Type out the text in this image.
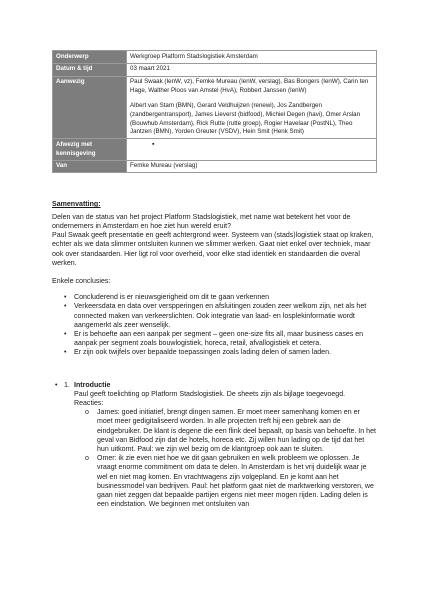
Onderwerp	Werkgroep Platform Stadslogistiek Amsterdam

Datum & tijd	03 maart 2021

Aanwezig	Paul Swaak (IenW, vz), Femke Mureau (IenW, verslag), Bas Bongers (IenW), Carin ten Hage, Walther Ploos van Amstel (HvA), Robbert Janssen (IenW)

Albert van Stam (BMN), Gerard Veldhuijzen (renewi), Jos Zandbergen (zandbergentransport), James Lieverst (bidfood), Michiel Degen (havi), Omer Arslan (Bouwhub Amsterdam), Rick Rutte (rutte groep), Rogier Havelaar (PostNL), Theo Jantzen (BMN), Yorden Greuter (VSDV), Hein Smit (Henk Smit)

Afwezig met kennisgeving	▪

Van	Femke Mureau (verslag)

Samenvatting:

Delen van de status van het project Platform Stadslogistiek, met name wat betekent het voor de ondernemers in Amsterdam en hoe ziet hun wereld eruit?

Paul Swaak geeft presentatie en geeft achtergrond weer. Systeem van (stads)logistiek staat op kraken, echter als we data slimmer ontsluiten kunnen we slimmer werken. Gaat niet enkel over techniek, maar ook over standaarden. Hier ligt rol voor overheid, voor elke stad identiek en standaarden die overal werken.

Enkele conclusies:

• Concluderend is er nieuwsgierigheid om dit te gaan verkennen
• Verkeersdata en data over verspperingen en afsluitingen zouden zeer welkom zijn, net als het connected maken van verkeerslichten. Ook integratie van laad- en losplekinformatie wordt aangemerkt als zeer wenselijk.
• Er is behoefte aan een aanpak per segment – geen one-size fits all, maar business cases en aanpak per segment zoals bouwlogistiek, horeca, retail, afvallogistiek et cetera.
• Er zijn ook twijfels over bepaalde toepassingen zoals lading delen of samen laden.
• 1. Introductie

Paul geeft toelichting op Platform Stadslogistiek. De sheets zijn als bijlage toegevoegd.

Reacties:

o James: goed initiatief, brengt dingen samen. Er moet meer samenhang komen en er moet meer gedigitaliseerd worden. In alle projecten treft hij een gebrek aan de eindgebruiker. De klant is degene die een flink deel bepaalt, op basis van behoefte. In het geval van Bidfood zijn dat de hotels, horeca etc. Zij willen hun lading op de tijd dat het hun uitkomt. Paul: we zijn wel bezig om de klantgroep ook aan te sluiten.
o Omer: ik zie even niet hoe we dit gaan gebruiken en welk probleem we oplossen. Je vraagt enorme commitment om data te delen. In Amsterdam is het vrij duidelijk waar je wel en niet mag komen. En vrachtwagens zijn volgepland. En je komt aan het businessmodel van bedrijven. Paul: het platform gaat niet de marktwerking verstoren, we gaan niet zeggen dat bepaalde partijen ergens niet meer mogen rijden. Lading delen is een eindstation. We beginnen met ontsluiten van
